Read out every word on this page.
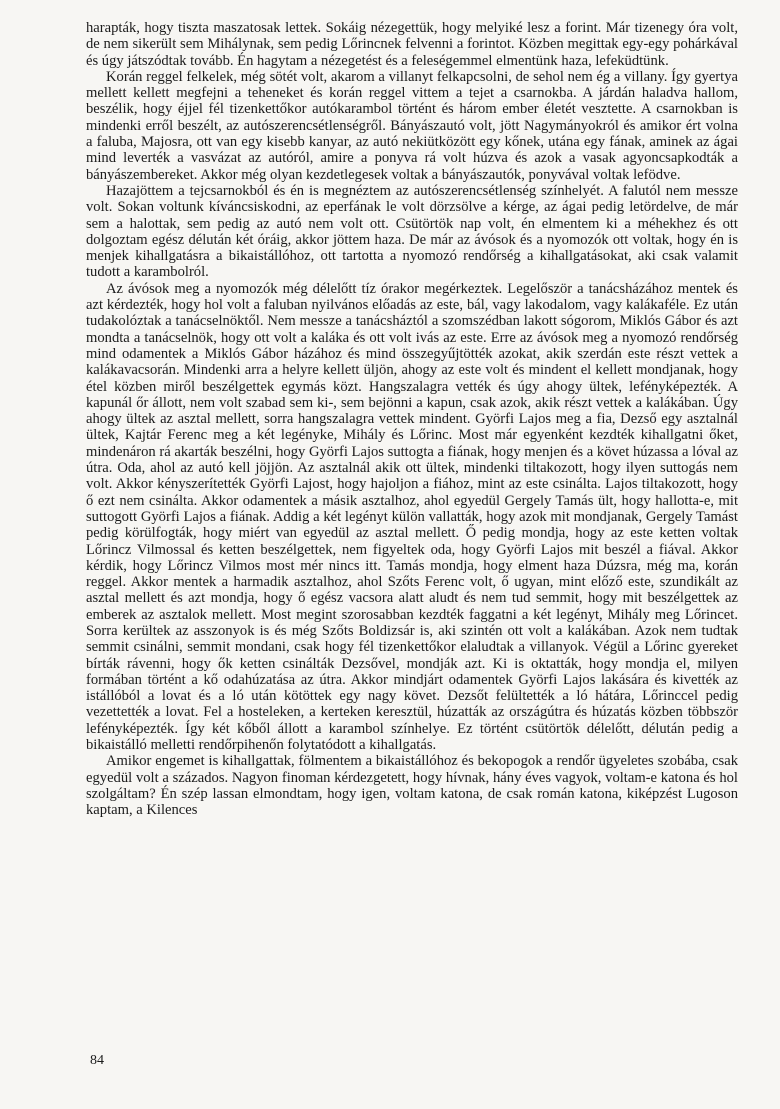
harapták, hogy tiszta maszatosak lettek. Sokáig nézegettük, hogy melyiké lesz a forint. Már tizenegy óra volt, de nem sikerült sem Mihálynak, sem pedig Lőrincnek felvenni a forintot. Közben megittak egy-egy pohárkával és úgy játszódtak tovább. Én hagytam a nézegetést és a feleségemmel elmentünk haza, lefeküdtünk.

Korán reggel felkelek, még sötét volt, akarom a villanyt felkapcsolni, de sehol nem ég a villany. Így gyertya mellett kellett megfejni a teheneket és korán reggel vittem a tejet a csarnokba. A járdán haladva hallom, beszélik, hogy éjjel fél tizenkettőkor autókarambol történt és három ember életét vesztette. A csarnokban is mindenki erről beszélt, az autószerencsétlenségről. Bányászautó volt, jött Nagymányokról és amikor ért volna a faluba, Majosra, ott van egy kisebb kanyar, az autó nekiütközött egy kőnek, utána egy fának, aminek az ágai mind leverték a vasvázat az autóról, amire a ponyva rá volt húzva és azok a vasak agyoncsapkodták a bányászembereket. Akkor még olyan kezdetlegesek voltak a bányászautók, ponyvával voltak lefödve.

Hazajöttem a tejcsarnokból és én is megnéztem az autószerencsétlenség színhelyét. A falutól nem messze volt. Sokan voltunk kíváncsiskodni, az eperfának le volt dörzsölve a kérge, az ágai pedig letördelve, de már sem a halottak, sem pedig az autó nem volt ott. Csütörtök nap volt, én elmentem ki a méhekhez és ott dolgoztam egész délután két óráig, akkor jöttem haza. De már az ávósok és a nyomozók ott voltak, hogy én is menjek kihallgatásra a bikaistállóhoz, ott tartotta a nyomozó rendőrség a kihallgatásokat, aki csak valamit tudott a karambolról.

Az ávósok meg a nyomozók még délelőtt tíz órakor megérkeztek. Legelőször a tanácsházához mentek és azt kérdezték, hogy hol volt a faluban nyilvános előadás az este, bál, vagy lakodalom, vagy kalákaféle. Ez után tudakolóztak a tanácselnöktől. Nem messze a tanácsháztól a szomszédban lakott sógorom, Miklós Gábor és azt mondta a tanácselnök, hogy ott volt a kaláka és ott volt ivás az este. Erre az ávósok meg a nyomozó rendőrség mind odamentek a Miklós Gábor házához és mind összegyűjtötték azokat, akik szerdán este részt vettek a kalákavacsorán. Mindenki arra a helyre kellett üljön, ahogy az este volt és mindent el kellett mondjanak, hogy étel közben miről beszélgettek egymás közt. Hangszalagra vették és úgy ahogy ültek, lefényképezték. A kapunál őr állott, nem volt szabad sem ki-, sem bejönni a kapun, csak azok, akik részt vettek a kalákában. Úgy ahogy ültek az asztal mellett, sorra hangszalagra vettek mindent. Györfi Lajos meg a fia, Dezső egy asztalnál ültek, Kajtár Ferenc meg a két legényke, Mihály és Lőrinc. Most már egyenként kezdték kihallgatni őket, mindenáron rá akarták beszélni, hogy Györfi Lajos suttogta a fiának, hogy menjen és a követ húzassa a lóval az útra. Oda, ahol az autó kell jöjjön. Az asztalnál akik ott ültek, mindenki tiltakozott, hogy ilyen suttogás nem volt. Akkor kényszerítették Györfi Lajost, hogy hajoljon a fiához, mint az este csinálta. Lajos tiltakozott, hogy ő ezt nem csinálta. Akkor odamentek a másik asztalhoz, ahol egyedül Gergely Tamás ült, hogy hallotta-e, mit suttogott Györfi Lajos a fiának. Addig a két legényt külön vallatták, hogy azok mit mondjanak, Gergely Tamást pedig körülfogták, hogy miért van egyedül az asztal mellett. Ő pedig mondja, hogy az este ketten voltak Lőrincz Vilmossal és ketten beszélgettek, nem figyeltek oda, hogy Györfi Lajos mit beszél a fiával. Akkor kérdik, hogy Lőrincz Vilmos most mér nincs itt. Tamás mondja, hogy elment haza Dúzsra, még ma, korán reggel. Akkor mentek a harmadik asztalhoz, ahol Szőts Ferenc volt, ő ugyan, mint előző este, szundikált az asztal mellett és azt mondja, hogy ő egész vacsora alatt aludt és nem tud semmit, hogy mit beszélgettek az emberek az asztalok mellett. Most megint szorosabban kezdték faggatni a két legényt, Mihály meg Lőrincet. Sorra kerültek az asszonyok is és még Szőts Boldizsár is, aki szintén ott volt a kalákában. Azok nem tudtak semmit csinálni, semmit mondani, csak hogy fél tizenkettőkor elaludtak a villanyok. Végül a Lőrinc gyereket bírták rávenni, hogy ők ketten csinálták Dezsővel, mondják azt. Ki is oktatták, hogy mondja el, milyen formában történt a kő odahúzatása az útra. Akkor mindjárt odamentek Györfi Lajos lakására és kivették az istállóból a lovat és a ló után kötöttek egy nagy követ. Dezsőt felültették a ló hátára, Lőrinccel pedig vezettették a lovat. Fel a hosteleken, a kerteken keresztül, húzatták az országútra és húzatás közben többször lefényképezték. Így két kőből állott a karambol színhelye. Ez történt csütörtök délelőtt, délután pedig a bikaistálló melletti rendőrpihenőn folytatódott a kihallgatás.

Amikor engemet is kihallgattak, fölmentem a bikaistállóhoz és bekopogok a rendőr ügyeletes szobába, csak egyedül volt a százados. Nagyon finoman kérdezgetett, hogy hívnak, hány éves vagyok, voltam-e katona és hol szolgáltam? Én szép lassan elmondtam, hogy igen, voltam katona, de csak román katona, kiképzést Lugoson kaptam, a Kilences

84
